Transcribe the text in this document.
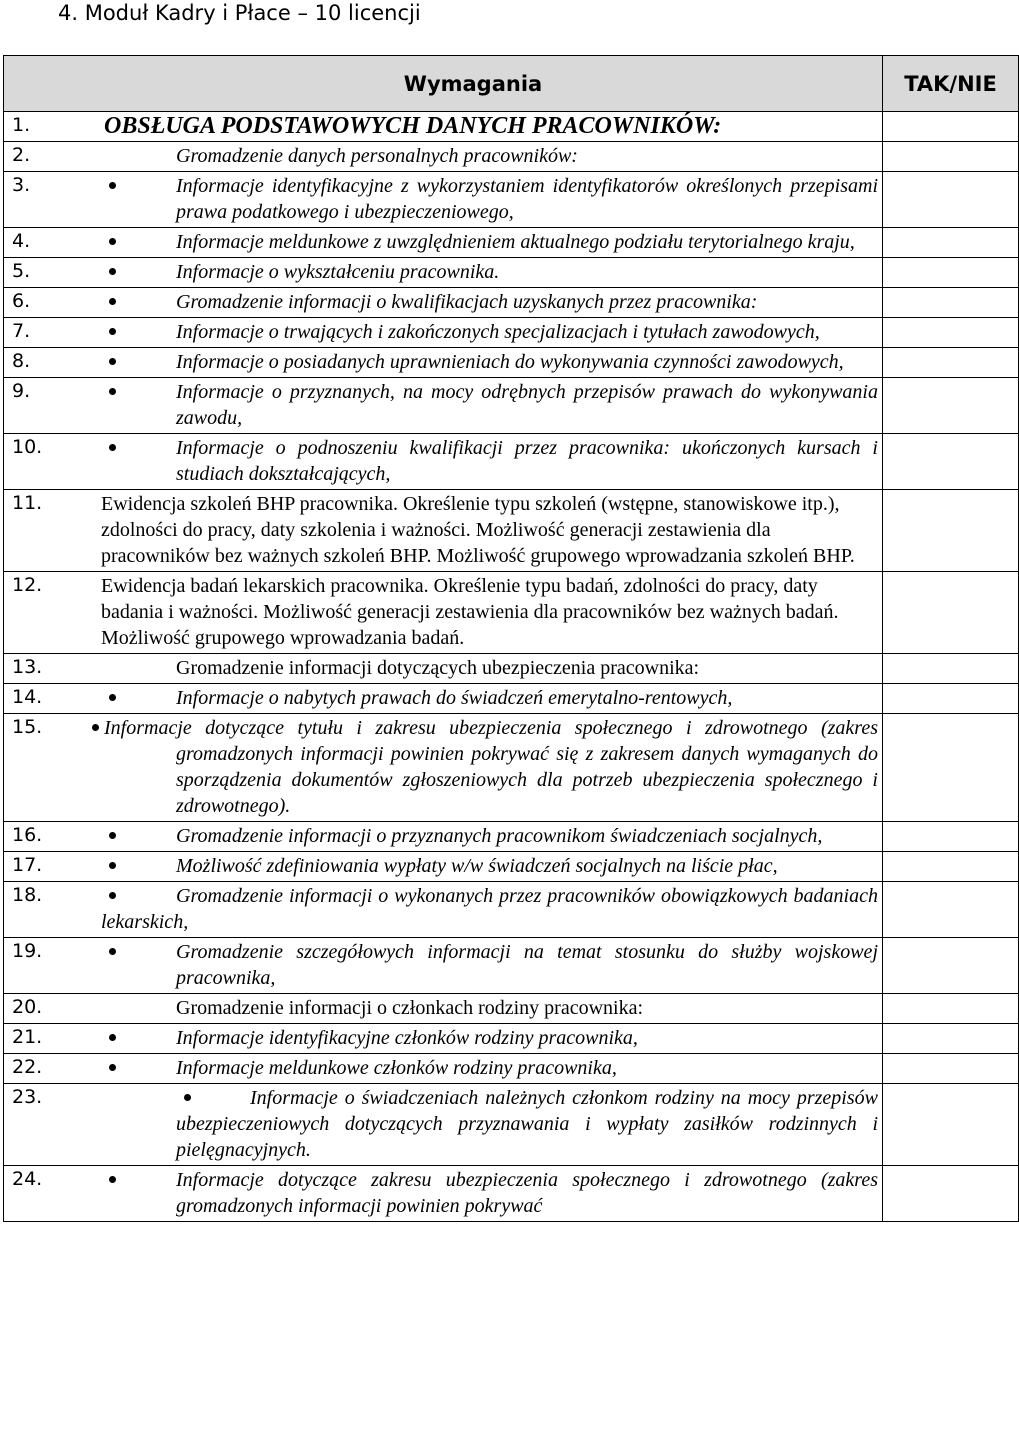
4. Moduł Kadry i Płace – 10 licencji
Wymagania	TAK/NIE

1. OBSŁUGA PODSTAWOWYCH DANYCH PRACOWNIKÓW:	

2. Gromadzenie danych personalnych pracowników:	

3. Informacje identyfikacyjne z wykorzystaniem identyfikatorów określonych przepisami prawa podatkowego i ubezpieczeniowego,	

4. Informacje meldunkowe z uwzględnieniem aktualnego podziału terytorialnego kraju,	

5. Informacje o wykształceniu pracownika.	

6. Gromadzenie informacji o kwalifikacjach uzyskanych przez pracownika:	

7. Informacje o trwających i zakończonych specjalizacjach i tytułach zawodowych,	

8. Informacje o posiadanych uprawnieniach do wykonywania czynności zawodowych,	

9. Informacje o przyznanych, na mocy odrębnych przepisów prawach do wykonywania zawodu,	

10. Informacje o podnoszeniu kwalifikacji przez pracownika: ukończonych kursach i studiach dokształcających,	

11. Ewidencja szkoleń BHP pracownika. Określenie typu szkoleń (wstępne, stanowiskowe itp.), zdolności do pracy, daty szkolenia i ważności. Możliwość generacji zestawienia dla pracowników bez ważnych szkoleń BHP. Możliwość grupowego wprowadzania szkoleń BHP.	

12. Ewidencja badań lekarskich pracownika. Określenie typu badań, zdolności do pracy, daty badania i ważności. Możliwość generacji zestawienia dla pracowników bez ważnych badań. Możliwość grupowego wprowadzania badań.	

13. Gromadzenie informacji dotyczących ubezpieczenia pracownika:	

14. Informacje o nabytych prawach do świadczeń emerytalno-rentowych,	

15. Informacje dotyczące tytułu i zakresu ubezpieczenia społecznego i zdrowotnego (zakres gromadzonych informacji powinien pokrywać się z zakresem danych wymaganych do sporządzenia dokumentów zgłoszeniowych dla potrzeb ubezpieczenia społecznego i zdrowotnego).	

16. Gromadzenie informacji o przyznanych pracownikom świadczeniach socjalnych,	

17. Możliwość zdefiniowania wypłaty w/w świadczeń socjalnych na liście płac,	

18. Gromadzenie informacji o wykonanych przez pracowników obowiązkowych badaniach lekarskich,	

19. Gromadzenie szczegółowych informacji na temat stosunku do służby wojskowej pracownika,	

20. Gromadzenie informacji o członkach rodziny pracownika:	

21. Informacje identyfikacyjne członków rodziny pracownika,	

22. Informacje meldunkowe członków rodziny pracownika,	

23. Informacje o świadczeniach należnych członkom rodziny na mocy przepisów ubezpieczeniowych dotyczących przyznawania i wypłaty zasiłków rodzinnych i pielęgnacyjnych.	

24. Informacje dotyczące zakresu ubezpieczenia społecznego i zdrowotnego (zakres gromadzonych informacji powinien pokrywać	
